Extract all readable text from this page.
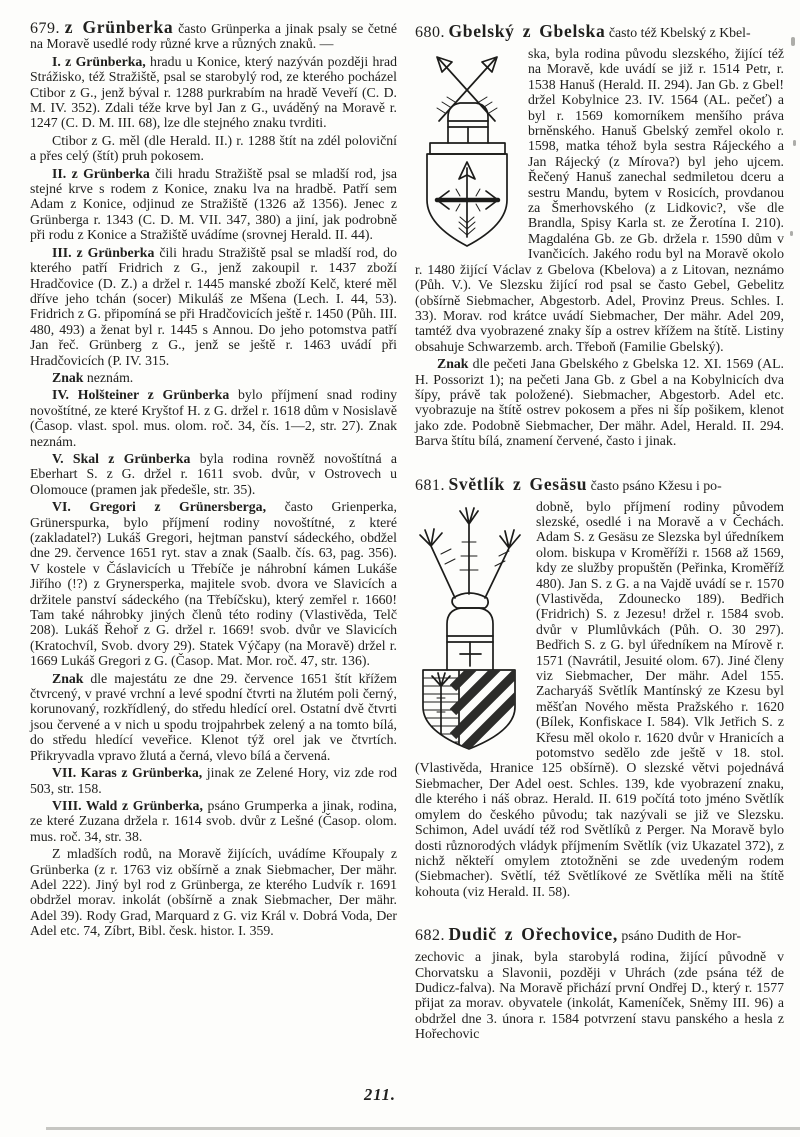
679. z Grünberka často Grünperka a jinak psaly se četné na Moravě usedlé rody různé krve a různých znaků. —

I. z Grünberka, hradu u Konice, který nazýván později hrad Strážisko, též Stražiště, psal se starobylý rod, ze kterého pocházel Ctibor z G., jenž býval r. 1288 purkrabím na hradě Veveří (C. D. M. IV. 352). Zdali téže krve byl Jan z G., uváděný na Moravě r. 1247 (C. D. M. III. 68), lze dle stejného znaku tvrditi.

Ctibor z G. měl (dle Herald. II.) r. 1288 štít na zdél poloviční a přes celý (štít) pruh pokosem.

II. z Grünberka čili hradu Stražiště psal se mladší rod, jsa stejné krve s rodem z Konice, znaku lva na hradbě. Patří sem Adam z Konice, odjinud ze Stražiště (1326 až 1356). Jenec z Grünberga r. 1343 (C. D. M. VII. 347, 380) a jiní, jak podrobně při rodu z Konice a Stražiště uvádíme (srovnej Herald. II. 44).

III. z Grünberka čili hradu Stražiště psal se mladší rod, do kterého patří Fridrich z G., jenž zakoupil r. 1437 zboží Hradčovice (D. Z.) a držel r. 1445 manské zboží Kelč, které měl dříve jeho tchán (socer) Mikuláš ze Mšena (Lech. I. 44, 53). Fridrich z G. připomíná se při Hradčovicích ještě r. 1450 (Půh. III. 480, 493) a ženat byl r. 1445 s Annou. Do jeho potomstva patří Jan řeč. Grünberg z G., jenž se ještě r. 1463 uvádí při Hradčovicích (P. IV. 315.

Znak neznám.

IV. Holšteiner z Grünberka bylo příjmení snad rodiny novoštítné, ze které Kryštof H. z G. držel r. 1618 dům v Nosislavě (Časop. vlast. spol. mus. olom. roč. 34, čís. 1—2, str. 27). Znak neznám.

V. Skal z Grünberka byla rodina rovněž novoštítná a Eberhart S. z G. držel r. 1611 svob. dvůr, v Ostrovech u Olomouce (pramen jak předešle, str. 35).

VI. Gregori z Grünersberga, často Grienperka, Grünerspurka, bylo příjmení rodiny novoštítné, z které (zakladatel?) Lukáš Gregori, hejtman panství sádeckého, obdžel dne 29. července 1651 ryt. stav a znak (Saalb. čís. 63, pag. 356). V kostele v Čáslavicích u Třebíče je náhrobní kámen Lukáše Jiřího (!?) z Grynersperka, majitele svob. dvora ve Slavicích a držitele panství sádeckého (na Třebíčsku), který zemřel r. 1660! Tam také náhrobky jiných členů této rodiny (Vlastivěda, Telč 208). Lukáš Řehoř z G. držel r. 1669! svob. dvůr ve Slavicích (Kratochvíl, Svob. dvory 29). Statek Výčapy (na Moravě) držel r. 1669 Lukáš Gregori z G. (Časop. Mat. Mor. roč. 47, str. 136).

Znak dle majestátu ze dne 29. července 1651 štít křížem čtvrcený, v pravé vrchní a levé spodní čtvrti na žlutém poli černý, korunovaný, rozkřídlený, do středu hledící orel. Ostatní dvě čtvrti jsou červené a v nich u spodu trojpahrbek zelený a na tomto bílá, do středu hledící veveřice. Klenot týž orel jak ve čtvrtích. Přikryvadla vpravo žlutá a černá, vlevo bílá a červená.

VII. Karas z Grünberka, jinak ze Zelené Hory, viz zde rod 503, str. 158.

VIII. Wald z Grünberka, psáno Grumperka a jinak, rodina, ze které Zuzana držela r. 1614 svob. dvůr z Lešné (Časop. olom. mus. roč. 34, str. 38.

Z mladších rodů, na Moravě žijících, uvádíme Křoupaly z Grünberka (z r. 1763 viz obšírně a znak Siebmacher, Der mähr. Adel 222). Jiný byl rod z Grünberga, ze kterého Ludvík r. 1691 obdržel morav. inkolát (obšírně a znak Siebmacher, Der mähr. Adel 39). Rody Grad, Marquard z G. viz Král v. Dobrá Voda, Der Adel etc. 74, Zíbrt, Bibl. česk. histor. I. 359.

680. Gbelský z Gbelska často též Kbelský z Kbel-

ska, byla rodina původu slezského, žijící též na Moravě, kde uvádí se již r. 1514 Petr, r. 1538 Hanuš (Herald. II. 294). Jan Gb. z Gbel! držel Kobylnice 23. IV. 1564 (AL. pečeť) a byl r. 1569 komorníkem menšího práva brněnského. Hanuš Gbelský zemřel okolo r. 1598, matka téhož byla sestra Rájeckého a Jan Rájecký (z Mírova?) byl jeho ujcem. Řečený Hanuš zanechal sedmiletou dceru a sestru Mandu, bytem v Rosicích, provdanou za Šmerhovského (z Lidkovic?, vše dle Brandla, Spisy Karla st. ze Žerotína I. 210). Magdaléna Gb. ze Gb. držela r. 1590 dům v Ivančicích. Jakého rodu byl na Moravě okolo r. 1480 žijící Václav z Gbelova (Kbelova) a z Litovan, neznámo (Půh. V.). Ve Slezsku žijící rod psal se často Gebel, Gebelitz (obšírně Siebmacher, Abgestorb. Adel, Provinz Preus. Schles. I. 33). Morav. rod krátce uvádí Siebmacher, Der mähr. Adel 209, tamtéž dva vyobrazené znaky šíp a ostrev křížem na štítě. Listiny obsahuje Schwarzemb. arch. Třeboň (Familie Gbelský).

Znak dle pečeti Jana Gbelského z Gbelska 12. XI. 1569 (AL. H. Possorizt 1); na pečeti Jana Gb. z Gbel a na Kobylnicích dva šípy, právě tak položené). Siebmacher, Abgestorb. Adel etc. vyobrazuje na štítě ostrev pokosem a přes ni šíp pošikem, klenot jako zde. Podobně Siebmacher, Der mähr. Adel, Herald. II. 294. Barva štítu bílá, znamení červené, často i jinak.

681. Světlík z Gesäsu často psáno Kžesu i po-

dobně, bylo příjmení rodiny původem slezské, osedlé i na Moravě a v Čechách. Adam S. z Gesäsu ze Slezska byl úředníkem olom. biskupa v Kroměříži r. 1568 až 1569, kdy ze služby propuštěn (Peřinka, Kroměříž 480). Jan S. z G. a na Vajdě uvádí se r. 1570 (Vlastivěda, Zdounecko 189). Bedřich (Fridrich) S. z Jezesu! držel r. 1584 svob. dvůr v Plumlůvkách (Půh. O. 30 297). Bedřich S. z G. byl úředníkem na Mírově r. 1571 (Navrátil, Jesuité olom. 67). Jiné členy viz Siebmacher, Der mähr. Adel 155. Zacharyáš Světlík Mantínský ze Kzesu byl měšťan Nového města Pražského r. 1620 (Bílek, Konfiskace I. 584). Vlk Jetřich S. z Křesu měl okolo r. 1620 dvůr v Hranicích a potomstvo sedělo zde ještě v 18. stol. (Vlastivěda, Hranice 125 obšírně). O slezské větvi pojednává Siebmacher, Der Adel oest. Schles. 139, kde vyobrazení znaku, dle kterého i náš obraz. Herald. II. 619 počítá toto jméno Světlík omylem do českého původu; tak nazývali se již ve Slezsku. Schimon, Adel uvádí též rod Světlíků z Perger. Na Moravě bylo dosti různorodých vládyk příjmením Světlík (viz Ukazatel 372), z nichž někteří omylem ztotožněni se zde uvedeným rodem (Siebmacher). Světlí, též Světlíkové ze Světlíka měli na štítě kohouta (viz Herald. II. 58).

682. Dudič z Ořechovice, psáno Dudith de Hor-

zechovic a jinak, byla starobylá rodina, žijící původně v Chorvatsku a Slavonii, později v Uhrách (zde psána též de Dudicz-falva). Na Moravě přichází první Ondřej D., který r. 1577 přijat za morav. obyvatele (inkolát, Kameníček, Sněmy III. 96) a obdržel dne 3. února r. 1584 potvrzení stavu panského a hesla z Hořechovic

211.
